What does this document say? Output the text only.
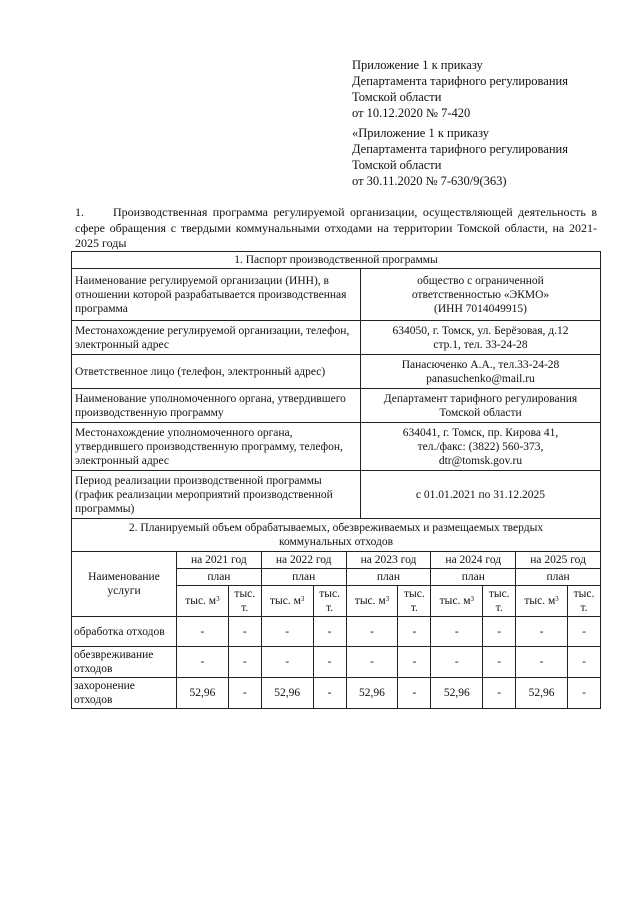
Приложение 1 к приказу
Департамента тарифного регулирования
Томской области
от 10.12.2020 № 7-420
«Приложение 1 к приказу
Департамента тарифного регулирования
Томской области
от 30.11.2020 № 7-630/9(363)
1. Производственная программа регулируемой организации, осуществляющей деятельность в сфере обращения с твердыми коммунальными отходами на территории Томской области, на 2021- 2025 годы
1. Паспорт производственной программы	
Наименование регулируемой организации (ИНН), в отношении которой разрабатывается производственная программа	общество с ограниченной
ответственностью «ЭКМО»
(ИНН 7014049915)

Местонахождение регулируемой организации, телефон, электронный адрес	634050, г. Томск, ул. Берёзовая, д.12
стр.1, тел. 33-24-28

Ответственное лицо (телефон, электронный адрес)	Панасюченко А.А., тел.33-24-28
panasuchenko@mail.ru

Наименование уполномоченного органа, утвердившего производственную программу	Департамент тарифного регулирования
Томской области

Местонахождение уполномоченного органа, утвердившего производственную программу, телефон, электронный адрес	634041, г. Томск, пр. Кирова 41,
тел./факс: (3822) 560-373,
dtr@tomsk.gov.ru

Период реализации производственной программы (график реализации мероприятий производственной программы)	с 01.01.2021 по 31.12.2025
2. Планируемый объем обрабатываемых, обезвреживаемых и размещаемых твердых коммунальных отходов										
Наименование услуги	на 2021 год		на 2022 год		на 2023 год		на 2024 год		на 2025 год	
	план		план		план		план		план	
	тыс. $м^3$	тыс. т.	тыс. $м^3$	тыс. т.	тыс. $м^3$	тыс. т.	тыс. $м^3$	тыс. т.	тыс. $м^3$	тыс. т.
обработка отходов	-	-	-	-	-	-	-	-	-	-
обезвреживание отходов	-	-	-	-	-	-	-	-	-	-
захоронение отходов	52,96	-	52,96	-	52,96	-	52,96	-	52,96	-
